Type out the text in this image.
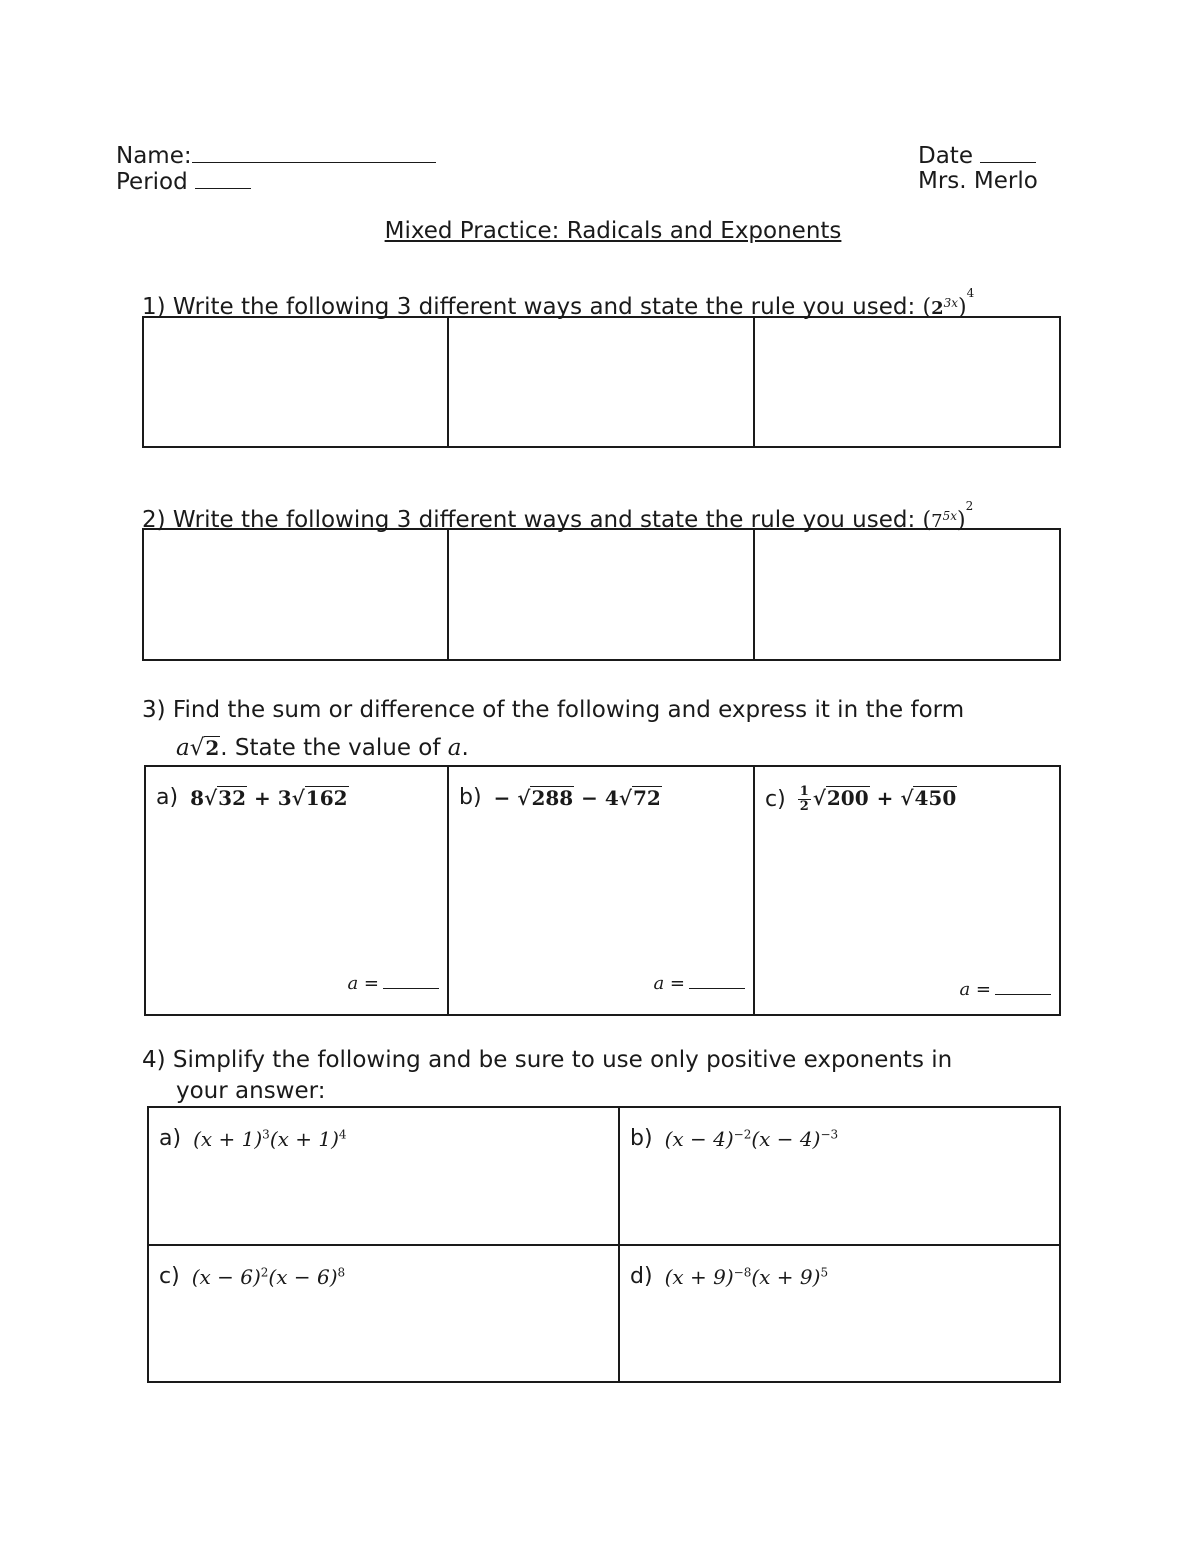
Name:
Period
Date
Mrs. Merlo
Mixed Practice: Radicals and Exponents
1) Write the following 3 different ways and state the rule you used: $(2^{3x})^4$
2) Write the following 3 different ways and state the rule you used: $(7^{5x})^2$
3) Find the sum or difference of the following and express it in the form
a√2. State the value of a.
a) 8√32 + 3√162
a =
b) − √288 − 4√72
a =
$c) \frac{1}{2} √200 + √450$
a =
4) Simplify the following and be sure to use only positive exponents in
your answer:
a) $(x + 1)^3(x + 1)^4$	b) $(x - 4)^{-2}(x - 4)^{-3}$
c) $(x - 6)^2(x - 6)^8$	d) $(x + 9)^{-8}(x + 9)^5$
